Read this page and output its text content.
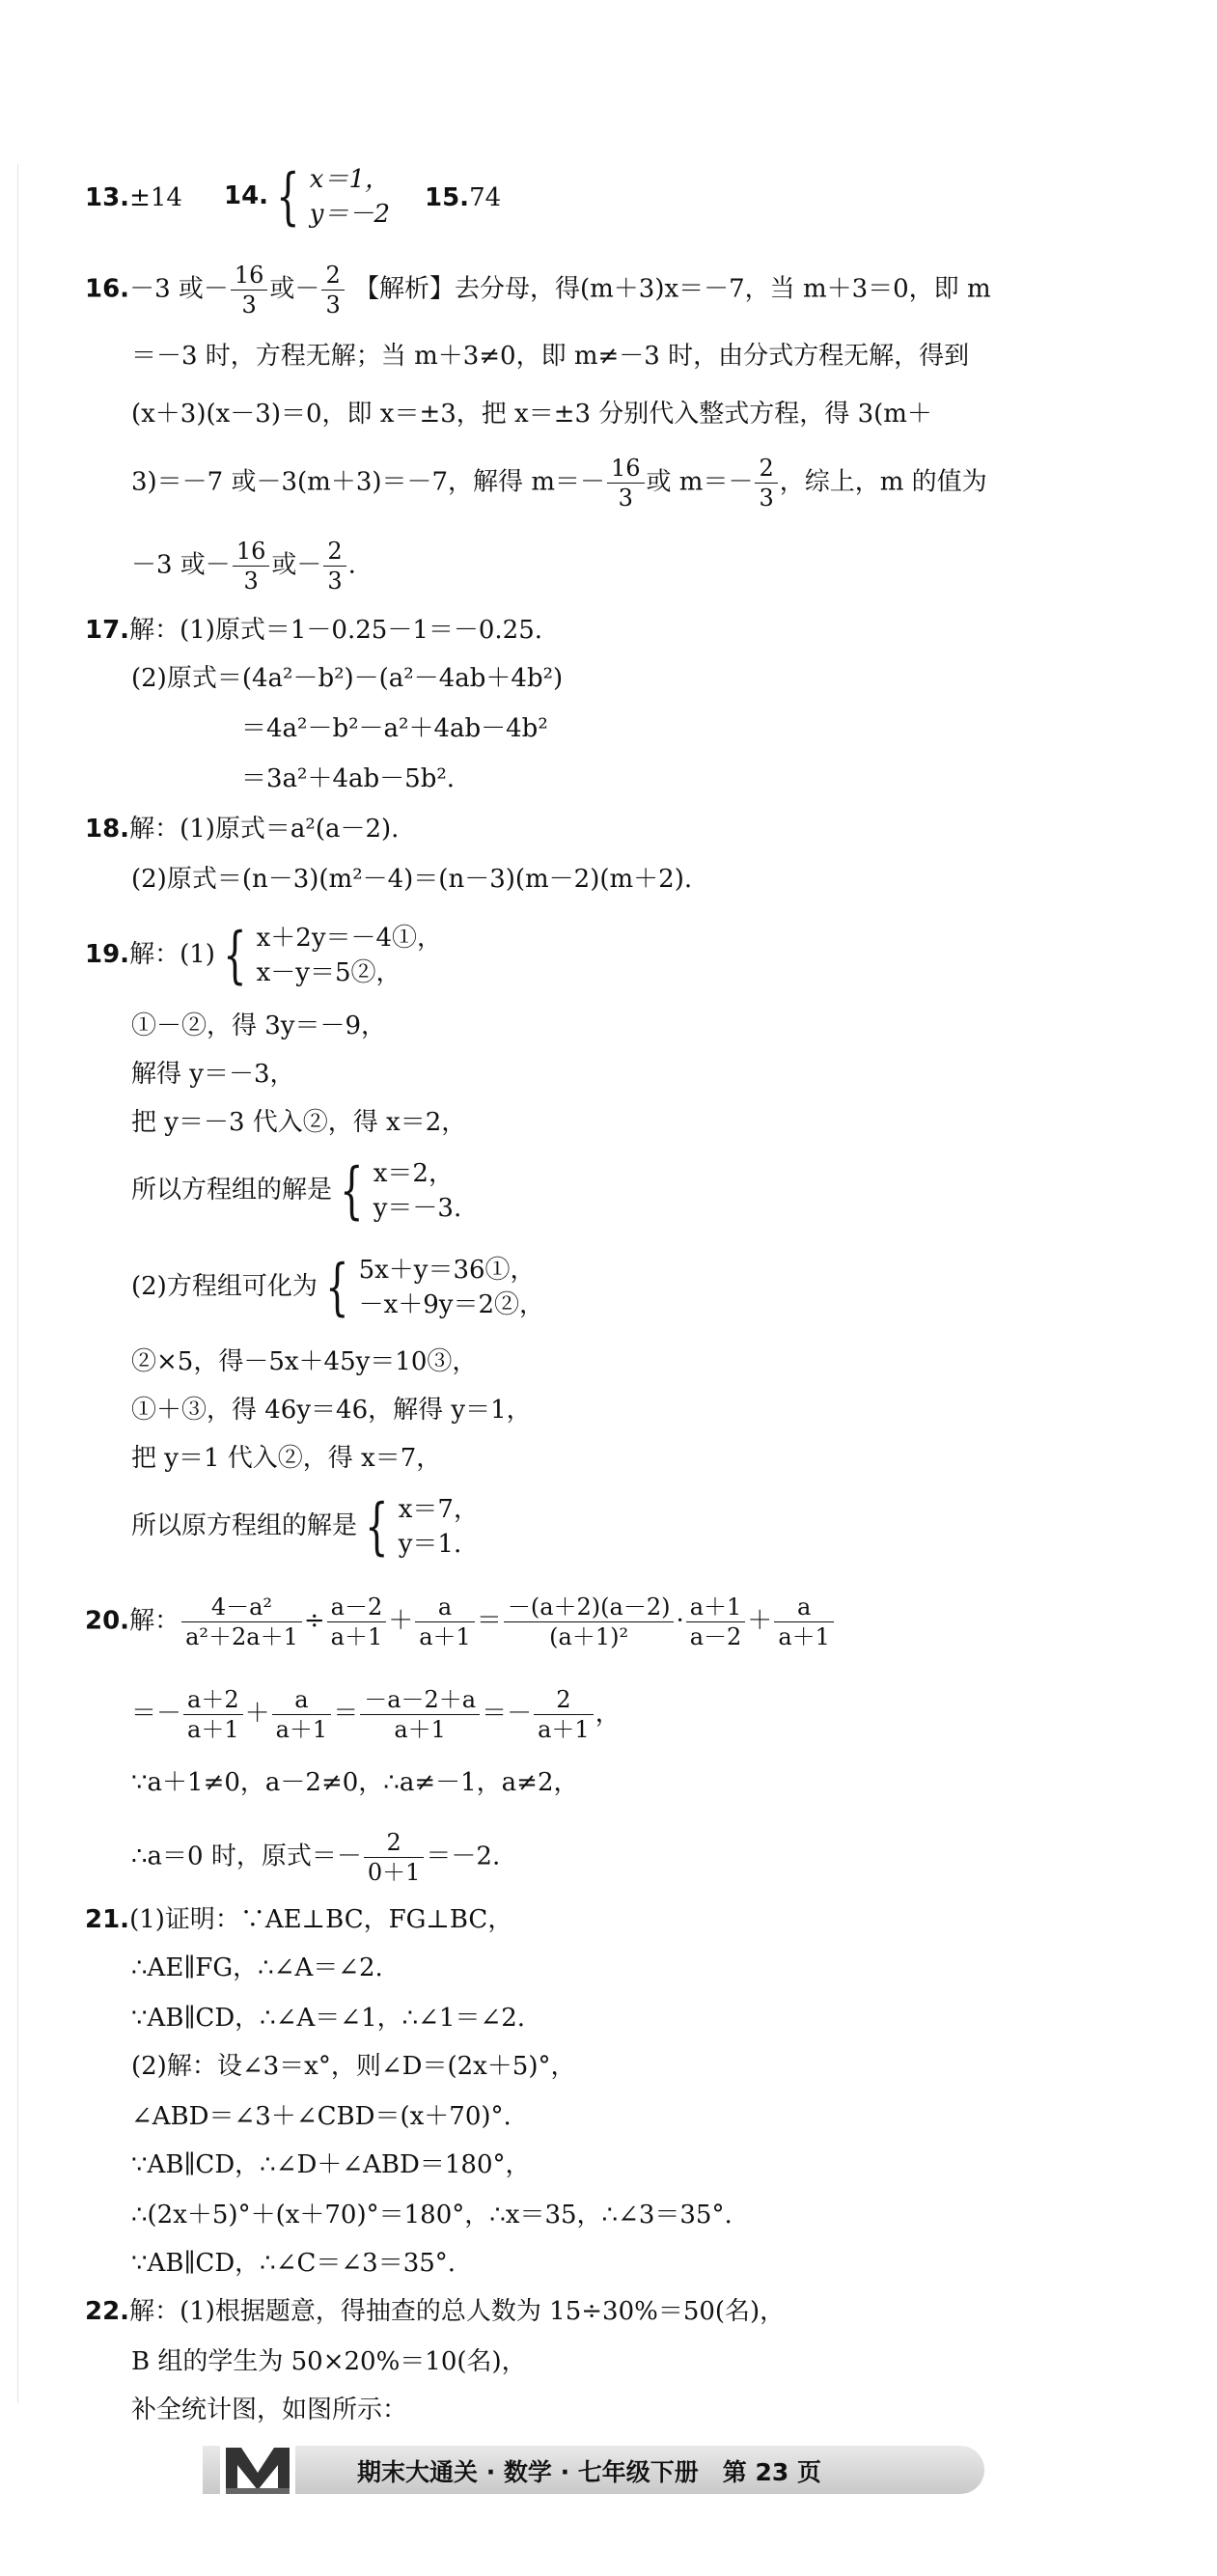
13.±14 14. { x＝1，
y＝－2
15.74
16.－3 或－ $\frac{16}{3}$ 或－ $\frac{2}{3}$ 【解析】去分母，得(m＋3)x＝－7，当 m＋3＝0，即 m
＝－3 时，方程无解；当 m＋3≠0，即 m≠－3 时，由分式方程无解，得到
(x＋3)(x－3)＝0，即 x＝±3，把 x＝±3 分别代入整式方程，得 3(m＋
3)＝－7 或－3(m＋3)＝－7，解得 $m=- \frac{16}{3}$ 或 $m=- \frac{2}{3}$ ，综上，m 的值为
－3 或－ $\frac{16}{3}$ 或－ $\frac{2}{3}$ .
17.解：(1)原式＝1－0.25－1＝－0.25.
(2)原式＝(4a²－b²)－(a²－4ab＋4b²)
＝4a²－b²－a²＋4ab－4b²
＝3a²＋4ab－5b².
18.解：(1)原式＝a²(a－2).
(2)原式＝(n－3)(m²－4)＝(n－3)(m－2)(m＋2).
19.解：(1) { x＋2y＝－4①，
x－y＝5②，
①－②，得 3y＝－9，
解得 y＝－3，
把 y＝－3 代入②，得 x＝2，
所以方程组的解是 { x＝2，
y＝－3.
(2)方程组可化为 { 5x＋y＝36①，
－x＋9y＝2②，
②×5，得－5x＋45y＝10③，
①＋③，得 46y＝46，解得 y＝1，
把 y＝1 代入②，得 x＝7，
所以原方程组的解是 { x＝7，
y＝1.
20.解： $\frac{\text{4－a²}}{\text{a²＋2a＋1}} \div \frac{a-2}{a+1} + \frac{a}{a+1} = \frac{-(a+2)(a-2)}{\text{(a＋1)²}} \cdot \frac{a+1}{a-2} + \frac{a}{a+1}$
＝－ $\frac{a+2}{a+1} + \frac{a}{a+1} = \frac{-a-2+a}{a+1} =- \frac{2}{a+1}$ ，
∵a＋1≠0，a－2≠0，∴a≠－1，a≠2，
∴a＝0 时，原式＝－ $\frac{2}{0+1} =-2$.
21.(1)证明：∵AE⊥BC，FG⊥BC，
∴AE∥FG，∴∠A＝∠2.
∵AB∥CD，∴∠A＝∠1，∴∠1＝∠2.
(2)解：设∠3＝x°，则∠D＝(2x＋5)°，
∠ABD＝∠3＋∠CBD＝(x＋70)°.
∵AB∥CD，∴∠D＋∠ABD＝180°，
∴(2x＋5)°＋(x＋70)°＝180°，∴x＝35，∴∠3＝35°.
∵AB∥CD，∴∠C＝∠3＝35°.
22.解：(1)根据题意，得抽查的总人数为 15÷30%＝50(名)，
B 组的学生为 50×20%＝10(名)，
补全统计图，如图所示：
期末大通关 · 数学 · 七年级下册　第 23 页
